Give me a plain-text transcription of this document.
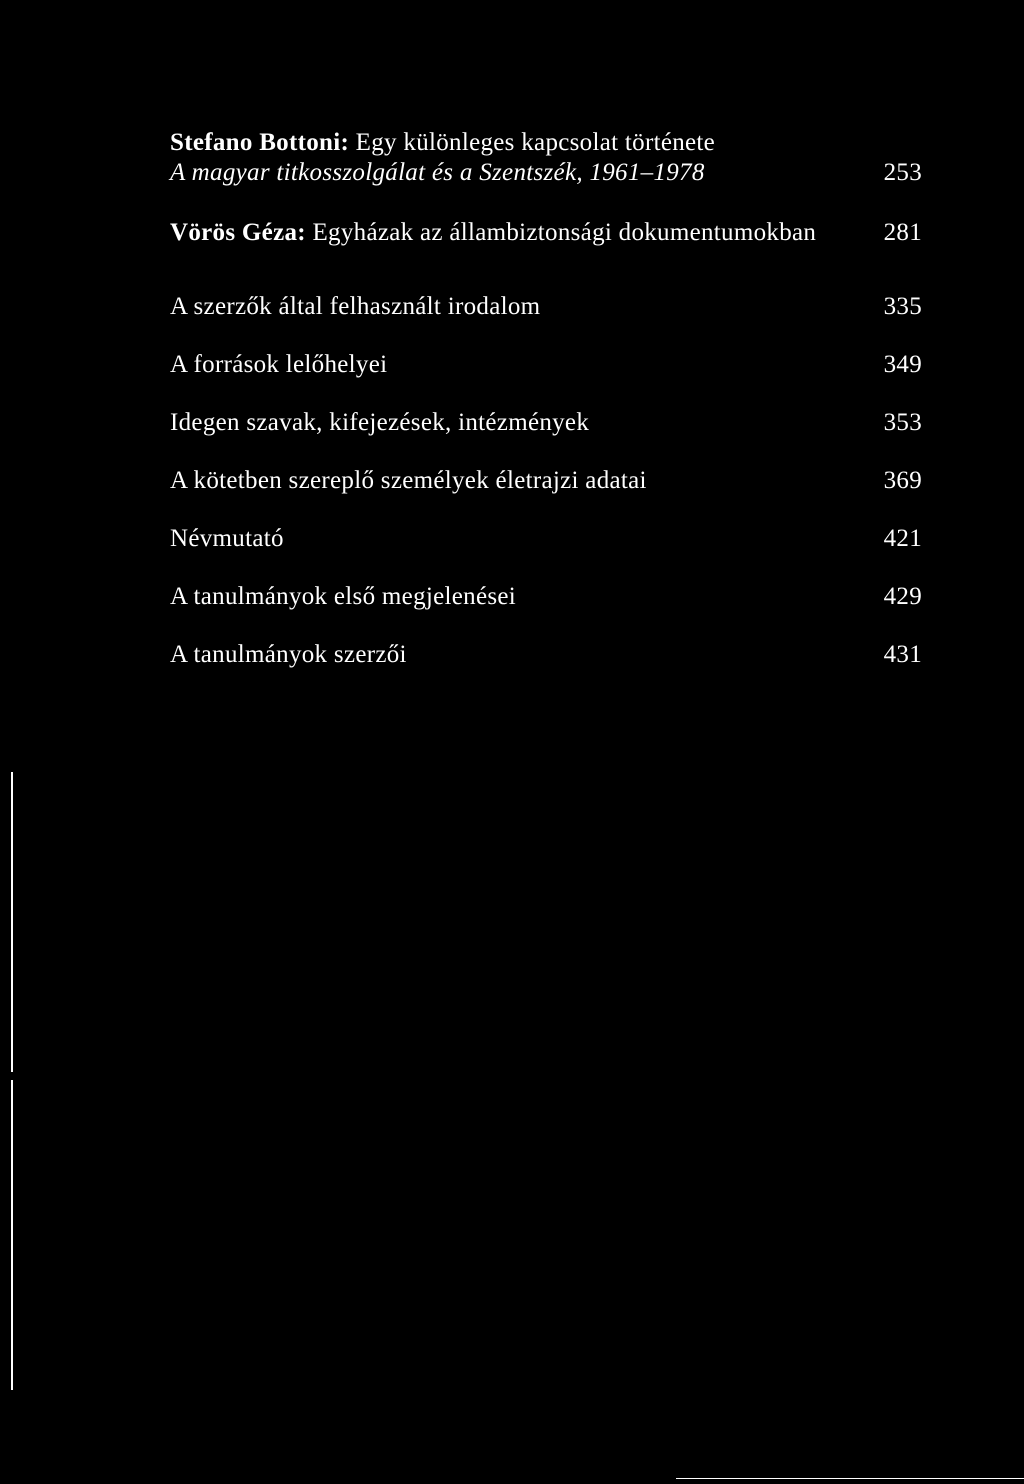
Stefano Bottoni: Egy különleges kapcsolat története
A magyar titkosszolgálat és a Szentszék, 1961–1978	253
Vörös Géza: Egyházak az állambiztonsági dokumentumokban	281
A szerzők által felhasznált irodalom	335
A források lelőhelyei	349
Idegen szavak, kifejezések, intézmények	353
A kötetben szereplő személyek életrajzi adatai	369
Névmutató	421
A tanulmányok első megjelenései	429
A tanulmányok szerzői	431
